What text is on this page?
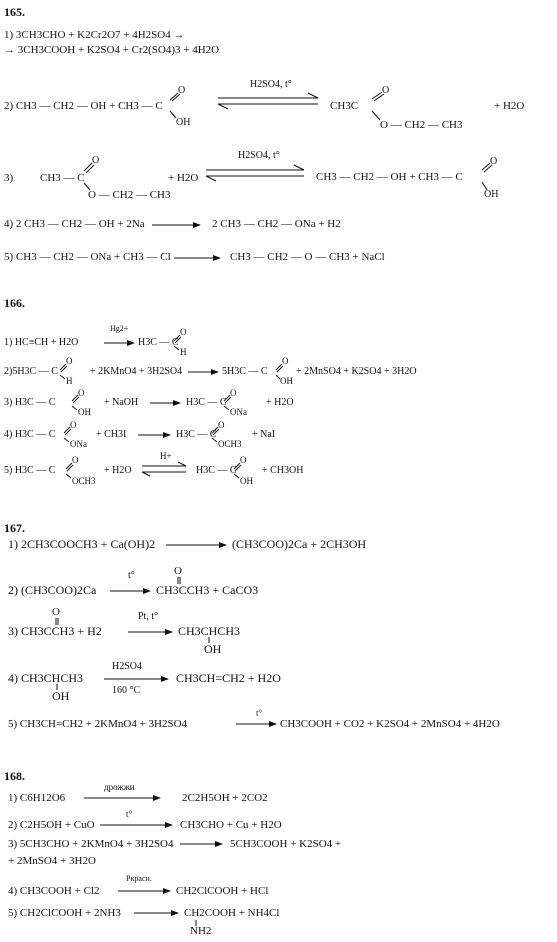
165.
1) 3CH3CHO + K2Cr2O7 + 4H2SO4 →
→ 3CH3COOH + K2SO4 + Cr2(SO4)3 + 4H2O
2) CH3 — CH2 — OH + CH3 — C
O
OH
H2SO4, t°
CH3C
O
O — CH2 — CH3
+ H2O
3) CH3 — C
O
O — CH2 — CH3
+ H2O
H2SO4, t°
CH3 — CH2 — OH + CH3 — C
O
OH
4) 2 CH3 — CH2 — OH + 2Na	2 CH3 — CH2 — ONa + H2
5) CH3 — CH2 — ONa + CH3 — Cl	CH3 — CH2 — O — CH3 + NaCl
166.
1) HC≡CH + H2O
Hg2+
H3C — C
O
H
2)5H3C — C
O
H
+ 2KMnO4 + 3H2SO4	5H3C — C
O
OH
+ 2MnSO4 + K2SO4 + 3H2O
3) H3C — C
O
OH
+ NaOH	H3C — C
O
ONa
+ H2O
4) H3C — C
O
ONa
+ CH3I	H3C — C
O
OCH3
+ NaI
5) H3C — C
O
OCH3
+ H2O
H+
H3C — C
O
OH
+ CH3OH
167.
1) 2CH3COOCH3 + Ca(OH)2	(CH3COO)2Ca + 2CH3OH
2) (CH3COO)2Ca
t°	O
CH3CCH3 + CaCO3
O
3) CH3CCH3 + H2
Pt, t°
CH3CHCH3
OH
4) CH3CHCH3
OH
H2SO4
160 °C
CH3CH=CH2 + H2O
5) CH3CH=CH2 + 2KMnO4 + 3H2SO4
t°
CH3COOH + CO2 + K2SO4 + 2MnSO4 + 4H2O
168.
1) C6H12O6
дрожжи
2C2H5OH + 2CO2
2) C2H5OH + CuO
t°
CH3CHO + Cu + H2O
3) 5CH3CHO + 2KMnO4 + 3H2SO4	5CH3COOH + K2SO4 +
+ 2MnSO4 + 3H2O
4) CH3COOH + Cl2
Pкрасн.
CH2ClCOOH + HCl
5) CH2ClCOOH + 2NH3	CH2COOH + NH4Cl
NH2
